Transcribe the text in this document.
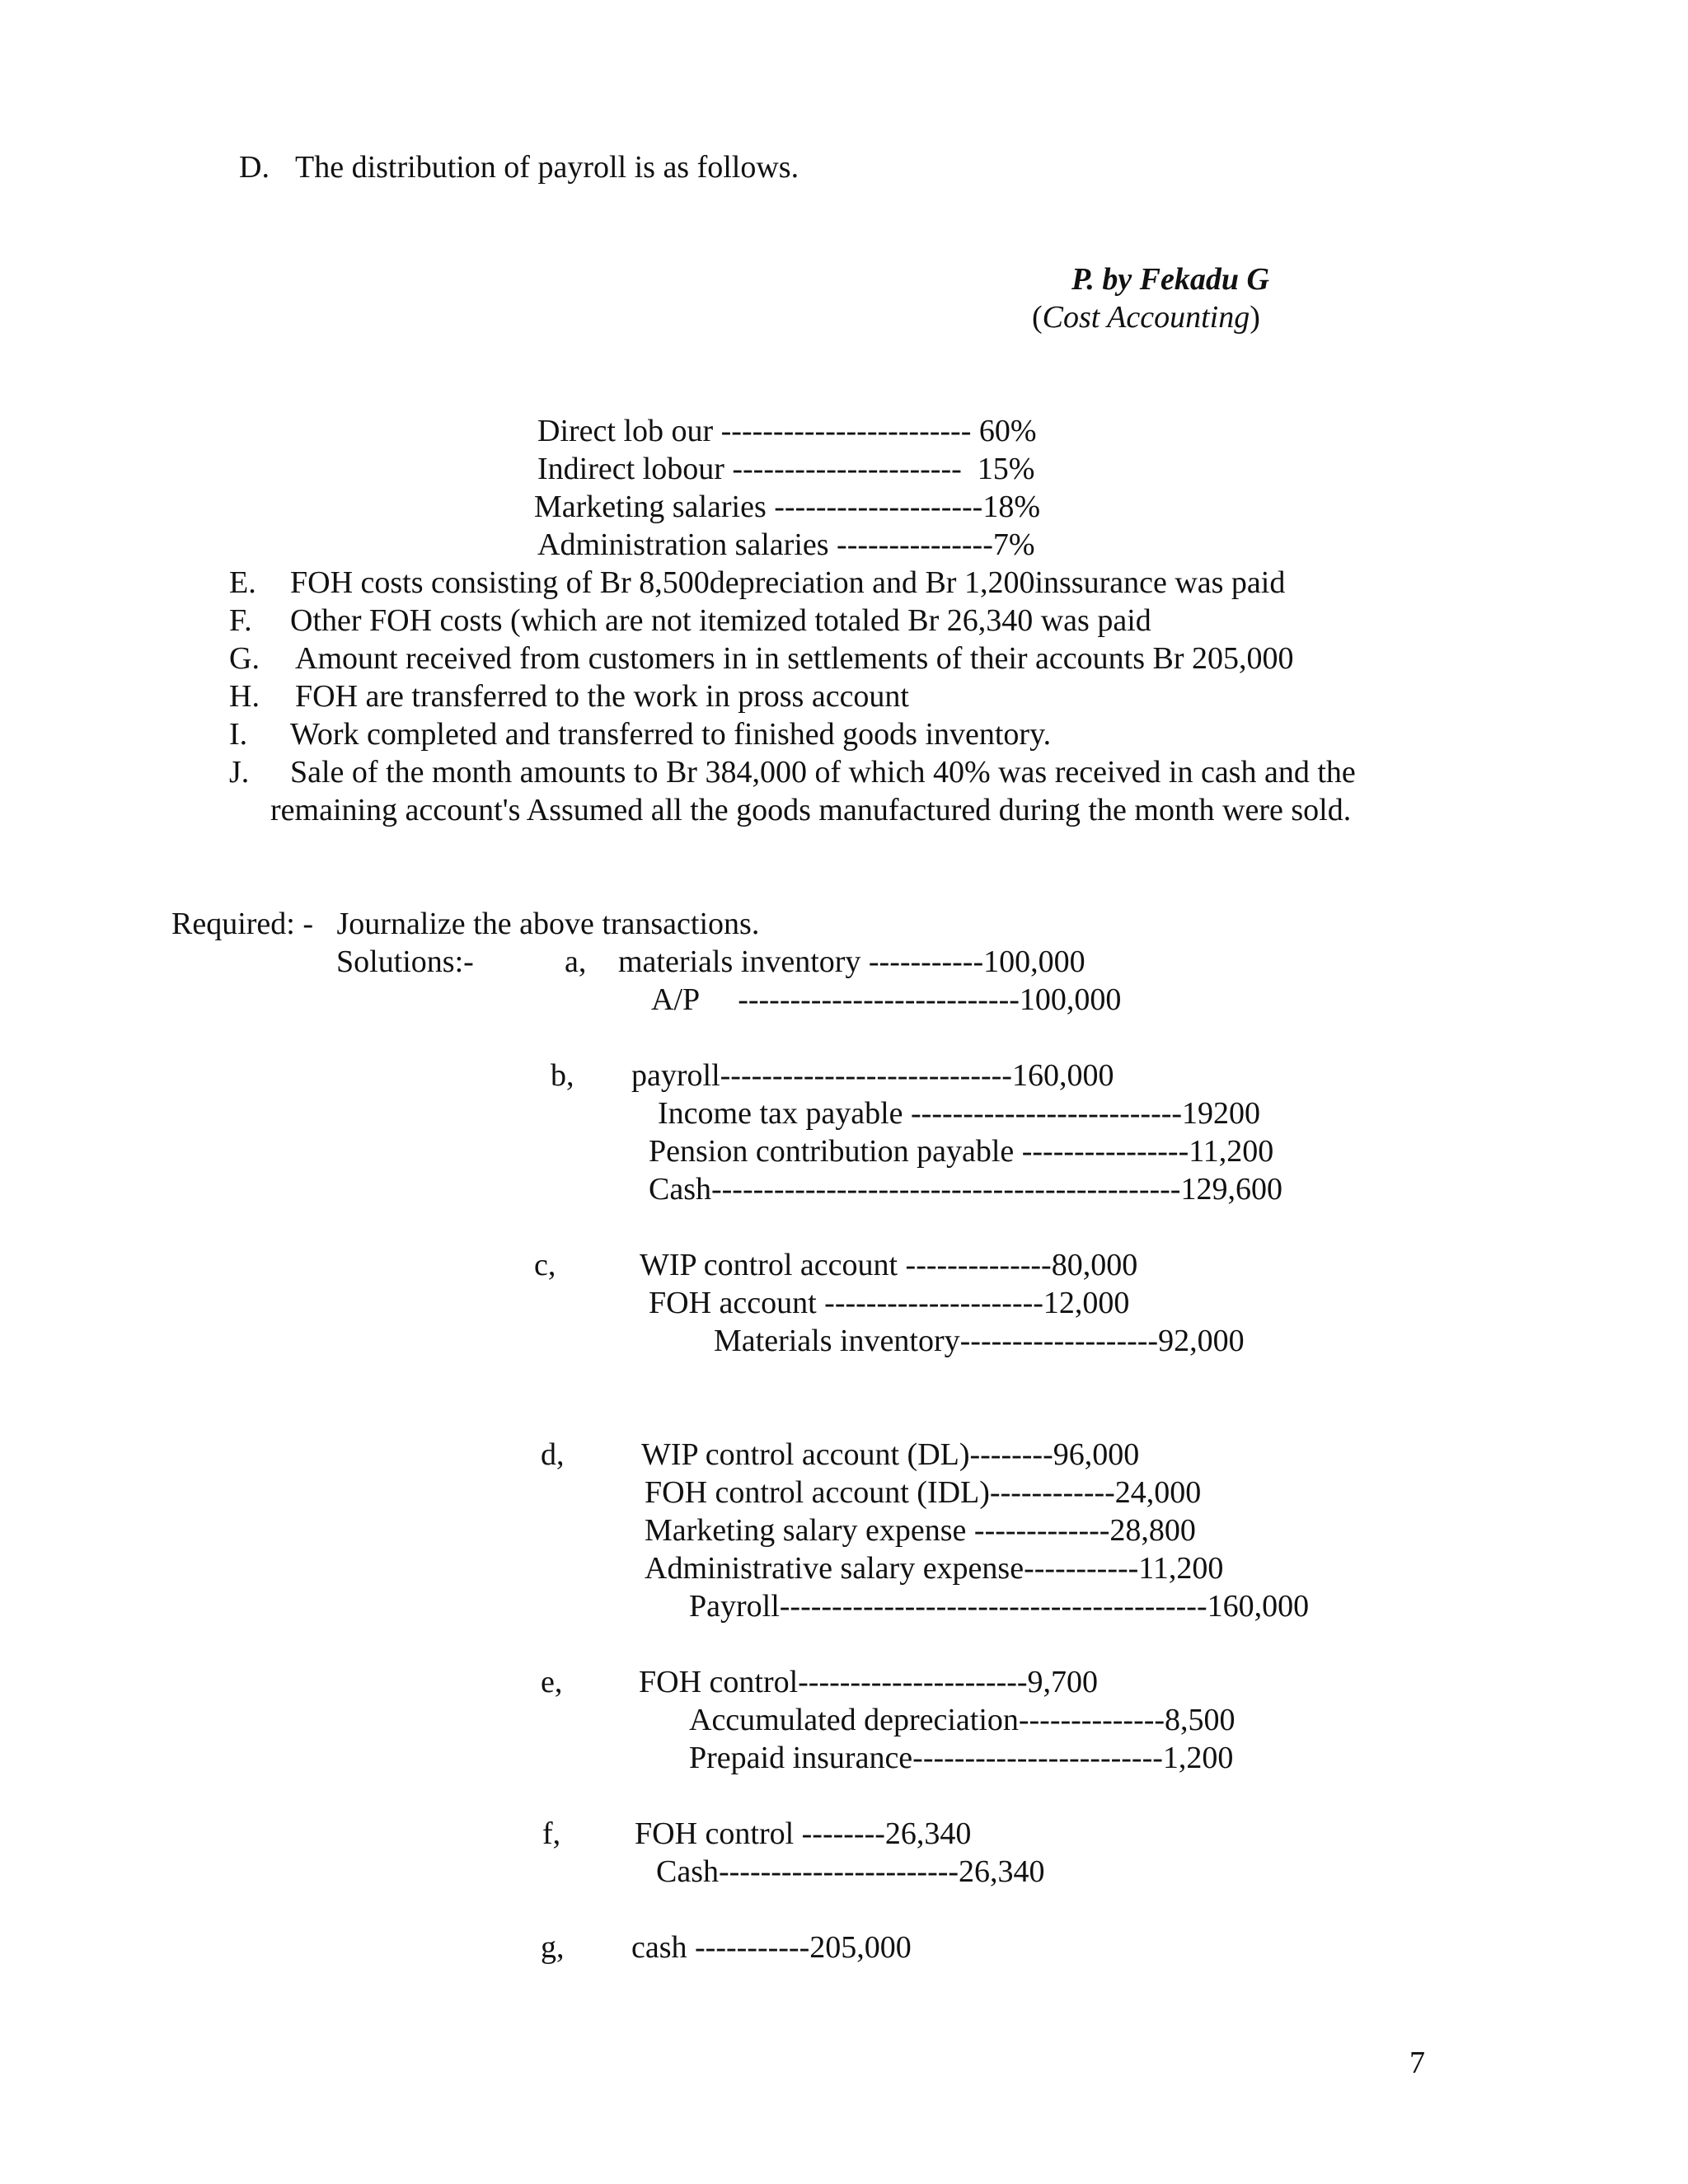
D. The distribution of payroll is as follows.
P. by Fekadu G
(Cost Accounting)
Direct lob our ------------------------ 60%
Indirect lobour ----------------------  15%
Marketing salaries --------------------18%
Administration salaries ---------------7%
E. FOH costs consisting of Br 8,500depreciation and Br 1,200inssurance was paid
F. Other FOH costs (which are not itemized totaled Br 26,340 was paid
G. Amount received from customers in in settlements of their accounts Br 205,000
H. FOH are transferred to the work in pross account
I. Work completed and transferred to finished goods inventory.
J. Sale of the month amounts to Br 384,000 of which 40% was received in cash and the
remaining account's Assumed all the goods manufactured during the month were sold.
Required: -   Journalize the above transactions.
Solutions:-	a, materials inventory -----------100,000
A/P     ---------------------------100,000
b, payroll----------------------------160,000
Income tax payable --------------------------19200
Pension contribution payable ----------------11,200
Cash---------------------------------------------129,600
c,	WIP control account --------------80,000
FOH account ---------------------12,000
Materials inventory-------------------92,000
d, WIP control account (DL)--------96,000
FOH control account (IDL)------------24,000
Marketing salary expense -------------28,800
Administrative salary expense-----------11,200
Payroll-----------------------------------------160,000
e, FOH control----------------------9,700
Accumulated depreciation--------------8,500
Prepaid insurance------------------------1,200
f, FOH control --------26,340
Cash-----------------------26,340
g, cash -----------205,000
7
